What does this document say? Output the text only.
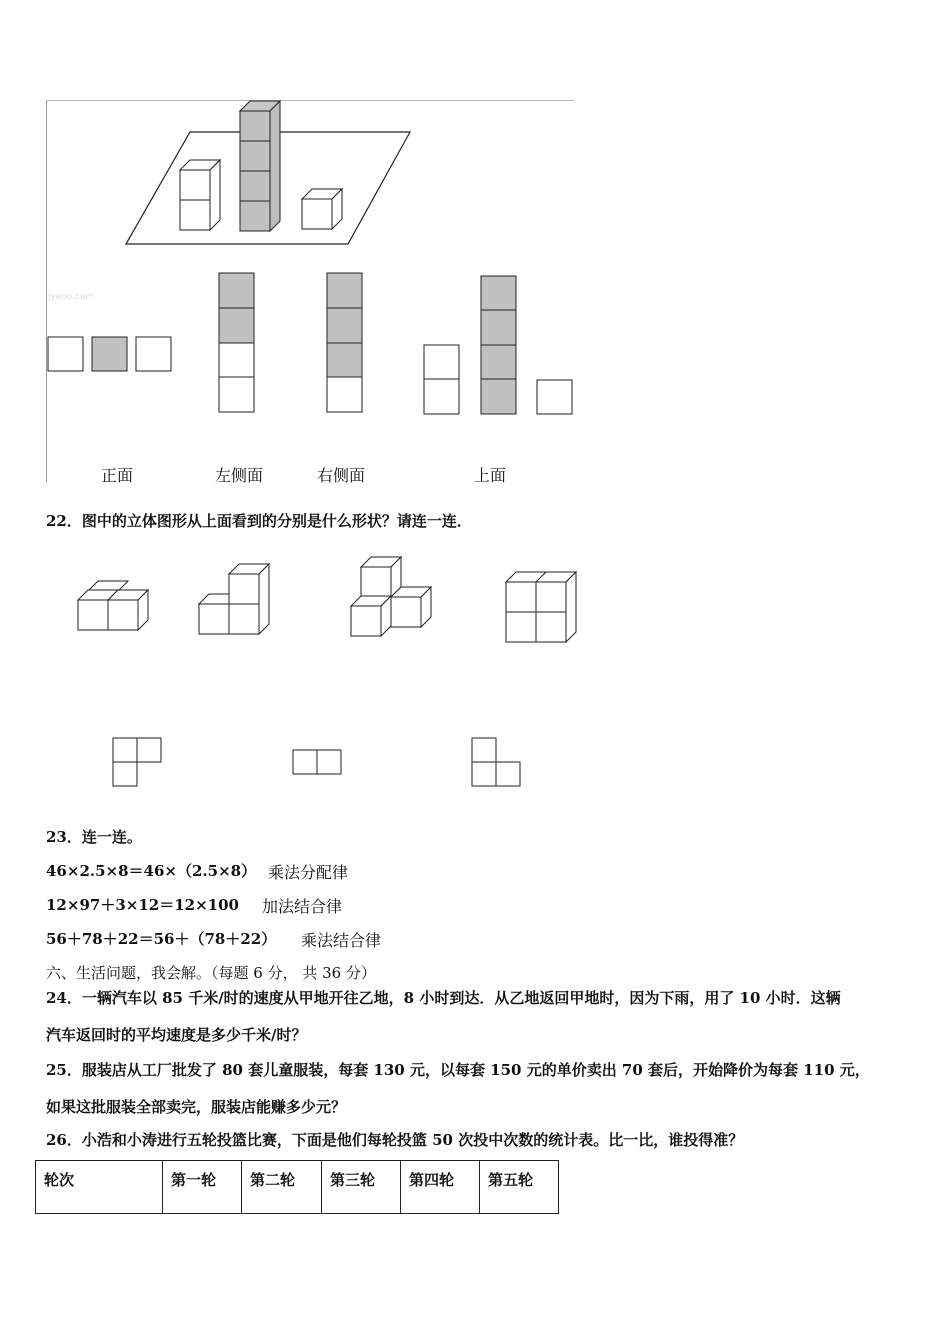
jyeoo.com
正面	左侧面	右侧面	上面
22．图中的立体图形从上面看到的分别是什么形状？请连一连．
23．连一连。
46×2.5×8＝46×（2.5×8） 乘法分配律
12×97＋3×12＝12×100 加法结合律
56＋78＋22＝56＋（78＋22） 乘法结合律
六、生活问题，我会解。（每题 6 分， 共 36 分）
24．一辆汽车以 85 千米/时的速度从甲地开往乙地，8 小时到达．从乙地返回甲地时，因为下雨，用了 10 小时．这辆
汽车返回时的平均速度是多少千米/时？
25．服装店从工厂批发了 80 套儿童服装，每套 130 元，以每套 150 元的单价卖出 70 套后，开始降价为每套 110 元，
如果这批服装全部卖完，服装店能赚多少元？
26．小浩和小涛进行五轮投篮比赛，下面是他们每轮投篮 50 次投中次数的统计表。比一比，谁投得准？
轮次	第一轮	第二轮	第三轮	第四轮	第五轮
